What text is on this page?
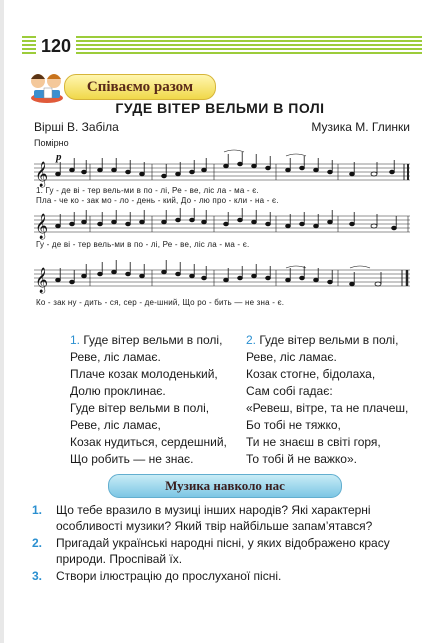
120
Співаємо разом
ГУДЕ ВІТЕР ВЕЛЬМИ В ПОЛІ
Вірші В. Забіла	Музика М. Глинки
Помірно
𝄞
p
1. Гу - де ві - тер вель-ми в по - лі, Ре - ве, ліс ла - ма - є.
Пла - че ко - зак мо - ло - день - кий, До - лю про - кли - на - є.
𝄞
Гу - де ві - тер вель-ми в по - лі, Ре - ве, ліс ла - ма - є.
𝄞
Ко - зак ну - дить - ся, сер - де-шний, Що ро - бить — не зна - є.
1. Гуде вітер вельми в полі,
Реве, ліс ламає.
Плаче козак молоденький,
Долю проклинає.
Гуде вітер вельми в полі,
Реве, ліс ламає,
Козак нудиться, сердешний,
Що робить — не знає.
2. Гуде вітер вельми в полі,
Реве, ліс ламає.
Козак стогне, бідолаха,
Сам собі гадає:
«Ревеш, вітре, та не плачеш,
Бо тобі не тяжко,
Ти не знаєш в світі горя,
То тобі й не важко».
Музика навколо нас
1. Що тебе вразило в музиці інших народів? Які характерні особливості музики? Який твір найбільше запам’ятався?
2. Пригадай українські народні пісні, у яких відображено красу природи. Проспівай їх.
3. Створи ілюстрацію до прослуханої пісні.
